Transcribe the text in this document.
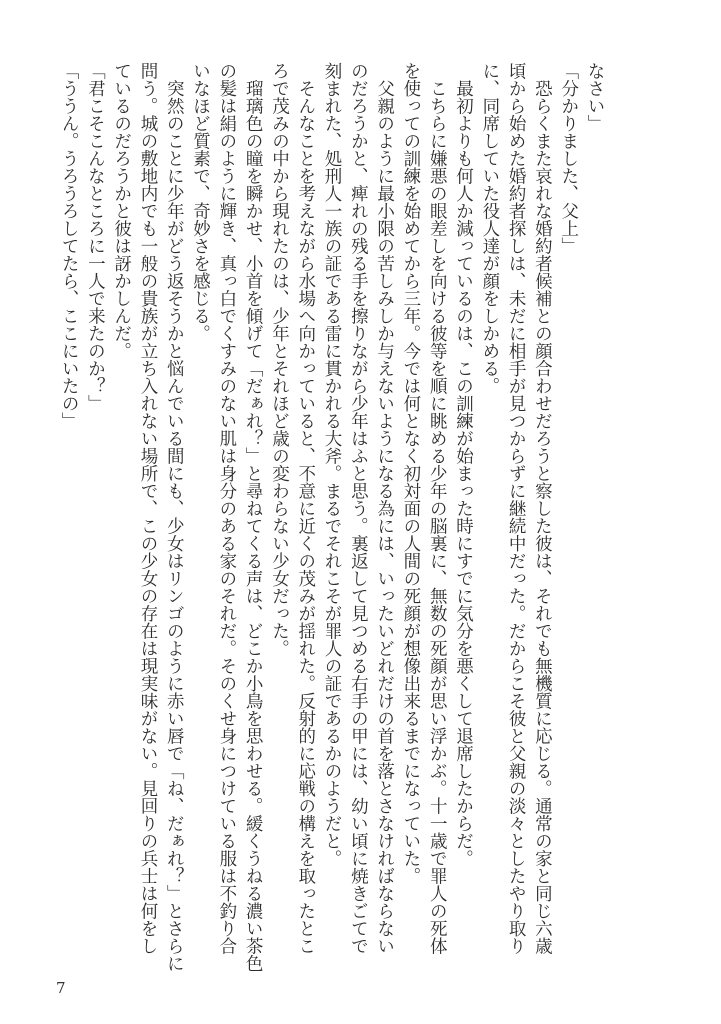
なさい」
「分かりました、父上」
　恐らくまた哀れな婚約者候補との顔合わせだろうと察した彼は、それでも無機質に応じる。通常の家と同じ六歳
頃から始めた婚約者探しは、未だに相手が見つからずに継続中だった。だからこそ彼と父親の淡々としたやり取り
に、同席していた役人達が顔をしかめる。
　最初よりも何人か減っているのは、この訓練が始まった時にすでに気分を悪くして退席したからだ。
　こちらに嫌悪の眼差しを向ける彼等を順に眺める少年の脳裏に、無数の死顔が思い浮かぶ。十一歳で罪人の死体
を使っての訓練を始めてから三年。今では何となく初対面の人間の死顔が想像出来るまでになっていた。
　父親のように最小限の苦しみしか与えないようになる為には、いったいどれだけの首を落とさなければならない
のだろうかと、痺れの残る手を擦りながら少年はふと思う。裏返して見つめる右手の甲には、幼い頃に焼きごてで
刻まれた、処刑人一族の証である雷に貫かれる大斧。まるでそれこそが罪人の証であるかのようだと。
　そんなことを考えながら水場へ向かっていると、不意に近くの茂みが揺れた。反射的に応戦の構えを取ったとこ
ろで茂みの中から現れたのは、少年とそれほど歳の変わらない少女だった。
　瑠璃色の瞳を瞬かせ、小首を傾げて「だぁれ？」と尋ねてくる声は、どこか小鳥を思わせる。緩くうねる濃い茶色
の髪は絹のように輝き、真っ白でくすみのない肌は身分のある家のそれだ。そのくせ身につけている服は不釣り合
いなほど質素で、奇妙さを感じる。
　突然のことに少年がどう返そうかと悩んでいる間にも、少女はリンゴのように赤い唇で「ね、だぁれ？」とさらに
問う。城の敷地内でも一般の貴族が立ち入れない場所で、この少女の存在は現実味がない。見回りの兵士は何をし
ているのだろうかと彼は訝かしんだ。
「君こそこんなところに一人で来たのか？」
「ううん。うろうろしてたら、ここにいたの」
7
